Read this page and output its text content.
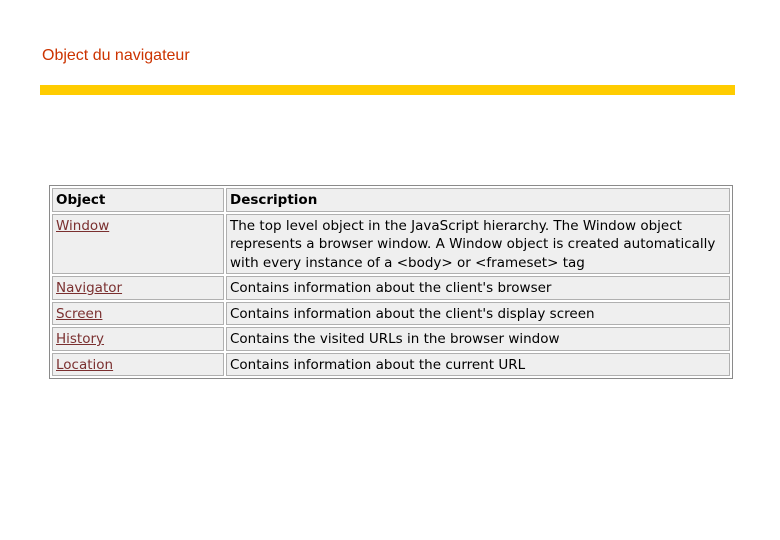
Object du navigateur
Object	Description
Window	The top level object in the JavaScript hierarchy. The Window object represents a browser window. A Window object is created automatically with every instance of a <body> or <frameset> tag
Navigator	Contains information about the client's browser
Screen	Contains information about the client's display screen
History	Contains the visited URLs in the browser window
Location	Contains information about the current URL
